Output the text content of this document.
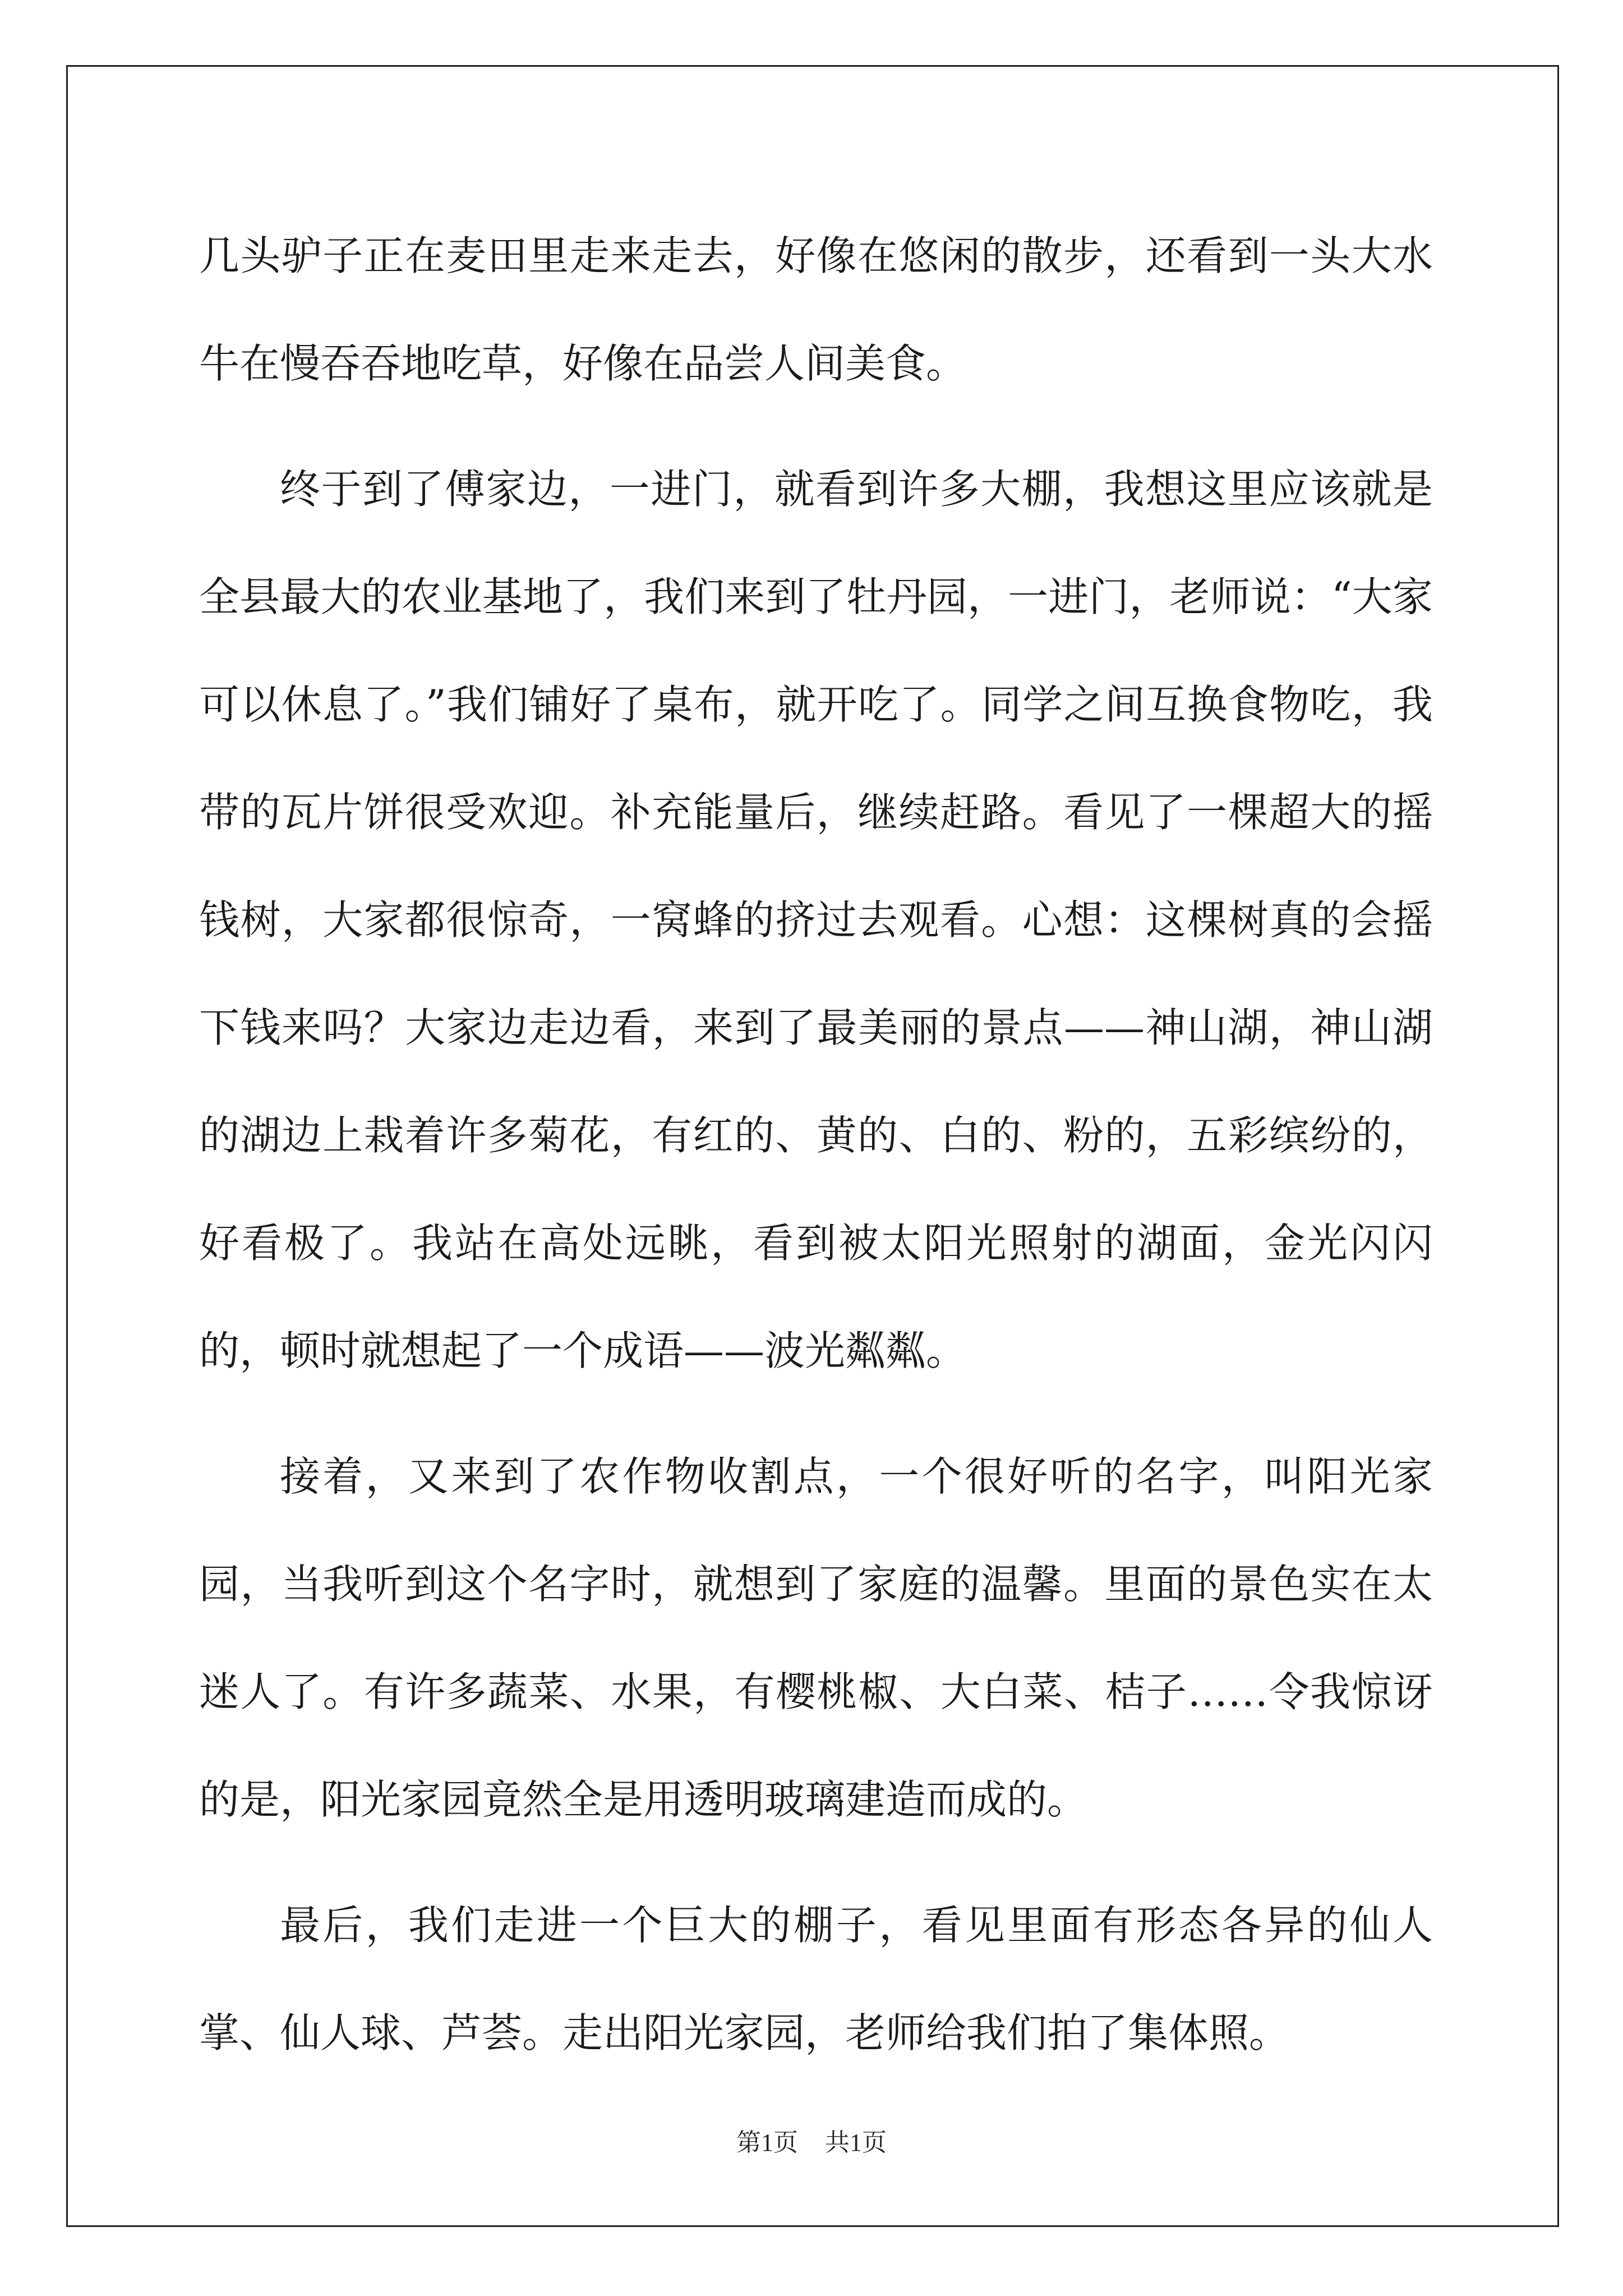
几头驴子正在麦田里走来走去，好像在悠闲的散步，还看到一头大水牛在慢吞吞地吃草，好像在品尝人间美食。

终于到了傅家边，一进门，就看到许多大棚，我想这里应该就是全县最大的农业基地了，我们来到了牡丹园，一进门，老师说：“大家可以休息了。”我们铺好了桌布，就开吃了。同学之间互换食物吃，我带的瓦片饼很受欢迎。补充能量后，继续赶路。看见了一棵超大的摇钱树，大家都很惊奇，一窝蜂的挤过去观看。心想：这棵树真的会摇下钱来吗？大家边走边看，来到了最美丽的景点——神山湖，神山湖的湖边上栽着许多菊花，有红的、黄的、白的、粉的，五彩缤纷的，好看极了。我站在高处远眺，看到被太阳光照射的湖面，金光闪闪的，顿时就想起了一个成语——波光粼粼。

接着，又来到了农作物收割点，一个很好听的名字，叫阳光家园，当我听到这个名字时，就想到了家庭的温馨。里面的景色实在太迷人了。有许多蔬菜、水果，有樱桃椒、大白菜、桔子……令我惊讶的是，阳光家园竟然全是用透明玻璃建造而成的。

最后，我们走进一个巨大的棚子，看见里面有形态各异的仙人掌、仙人球、芦荟。走出阳光家园，老师给我们拍了集体照。

第1页 共1页
